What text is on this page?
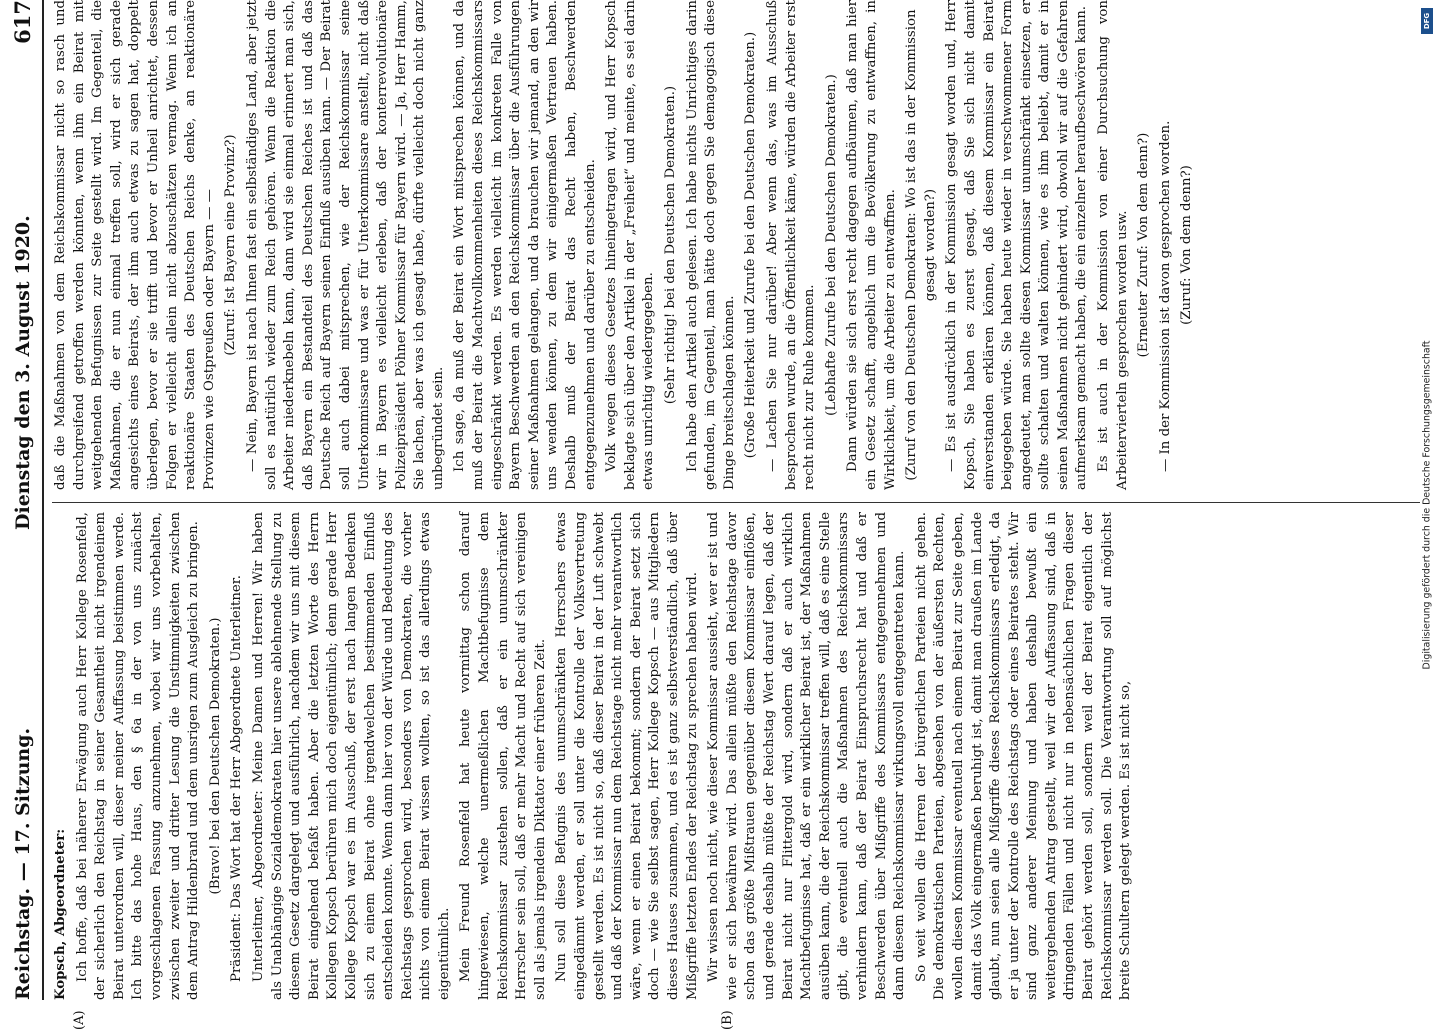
Reichstag. — 17. Sitzung.
Dienstag den 3. August 1920.
617
(A)	(B)

Kopsch, Abgeordneter: Ich hoffe, daß bei näherer Erwägung auch Herr Kollege Rosenfeld, der sicherlich den Reichstag in seiner Gesamtheit nicht irgendeinem Beirat unterordnen will, dieser meiner Auffassung beistimmen werde. Ich bitte das hohe Haus, den § 6a in der von uns zunächst vorgeschlagenen Fassung anzunehmen, wobei wir uns vorbehalten, zwischen zweiter und dritter Lesung die Unstimmigkeiten zwischen dem Antrag Hildenbrand und dem unsrigen zum Ausgleich zu bringen. (Bravo! bei den Deutschen Demokraten.) Präsident: Das Wort hat der Herr Abgeordnete Unterleitner. Unterleitner, Abgeordneter: Meine Damen und Herren! Wir haben als Unabhängige Sozialdemokraten hier unsere ablehnende Stellung zu diesem Gesetz dargelegt und ausführlich, nachdem wir uns mit diesem Beirat eingehend befaßt haben. Aber die letzten Worte des Herrn Kollegen Kopsch berühren mich doch eigentümlich; denn gerade Herr Kollege Kopsch war es im Ausschuß, der erst nach langen Bedenken sich zu einem Beirat ohne irgendwelchen bestimmenden Einfluß entscheiden konnte. Wenn dann hier von der Würde und Bedeutung des Reichstags gesprochen wird, besonders von Demokraten, die vorher nichts von einem Beirat wissen wollten, so ist das allerdings etwas eigentümlich. Mein Freund Rosenfeld hat heute vormittag schon darauf hingewiesen, welche unermeßlichen Machtbefugnisse dem Reichskommissar zustehen sollen, daß er ein unumschränkter Herrscher sein soll, daß er mehr Macht und Recht auf sich vereinigen soll als jemals irgendein Diktator einer früheren Zeit. Nun soll diese Befugnis des unumschränkten Herrschers etwas eingedämmt werden, er soll unter die Kontrolle der Volksvertretung gestellt werden. Es ist nicht so, daß dieser Beirat in der Luft schwebt und daß der Kommissar nun dem Reichstage nicht mehr verantwortlich wäre, wenn er einen Beirat bekommt; sondern der Beirat setzt sich doch — wie Sie selbst sagen, Herr Kollege Kopsch — aus Mitgliedern dieses Hauses zusammen, und es ist ganz selbstverständlich, daß über Mißgriffe letzten Endes der Reichstag zu sprechen haben wird. Wir wissen noch nicht, wie dieser Kommissar aussieht, wer er ist und wie er sich bewähren wird. Das allein müßte den Reichstage davor schon das größte Mißtrauen gegenüber diesem Kommissar einflößen, und gerade deshalb müßte der Reichstag Wert darauf legen, daß der Beirat nicht nur Flittergold wird, sondern daß er auch wirklich Machtbefugnisse hat, daß er ein wirklicher Beirat ist, der Maßnahmen ausüben kann, die der Reichskommissar treffen will, daß es eine Stelle gibt, die eventuell auch die Maßnahmen des Reichskommissars verhindern kann, daß der Beirat Einspruchsrecht hat und daß er Beschwerden über Mißgriffe des Kommissars entgegennehmen und dann diesem Reichskommissar wirkungsvoll entgegentreten kann. So weit wollen die Herren der bürgerlichen Parteien nicht gehen. Die demokratischen Parteien, abgesehen von der äußersten Rechten, wollen diesen Kommissar eventuell nach einem Beirat zur Seite geben, damit das Volk eingermaßen beruhigt ist, damit man draußen im Lande glaubt, nun seien alle Mißgriffe dieses Reichskommissars erledigt, da er ja unter der Kontrolle des Reichstags oder eines Beirates steht. Wir sind ganz anderer Meinung und haben deshalb bewußt ein weitergehenden Antrag gestellt, weil wir der Auffassung sind, daß in dringenden Fällen und nicht nur in nebensächlichen Fragen dieser Beirat gehört werden soll, sondern weil der Beirat eigentlich der Reichskommissar werden soll. Die Verantwortung soll auf möglichst breite Schultern gelegt werden. Es ist nicht so,

daß die Maßnahmen von dem Reichskommissar nicht so rasch und durchgreifend getroffen werden könnten, wenn ihm ein Beirat mit weitgehenden Befugnissen zur Seite gestellt wird. Im Gegenteil, die Maßnahmen, die er nun einmal treffen soll, wird er sich gerade angesichts eines Beirats, der ihm auch etwas zu sagen hat, doppelt überlegen, bevor er sie trifft und bevor er Unheil anrichtet, dessen Folgen er vielleicht allein nicht abzuschätzen vermag. Wenn ich an reaktionäre Staaten des Deutschen Reichs denke, an reaktionäre Provinzen wie Ostpreußen oder Bayern — — (Zuruf: Ist Bayern eine Provinz?) — Nein, Bayern ist nach Ihnen fast ein selbständiges Land, aber jetzt soll es natürlich wieder zum Reich gehören. Wenn die Reaktion die Arbeiter niederknebeln kann, dann wird sie einmal erinnert man sich, daß Bayern ein Bestandteil des Deutschen Reiches ist und daß das Deutsche Reich auf Bayern seinen Einfluß ausüben kann. — Der Beirat soll auch dabei mitsprechen, wie der Reichskommissar seine Unterkommissare und was er für Unterkommissare anstellt, nicht daß wir in Bayern es vielleicht erleben, daß der konterrevolutionäre Polizeipräsident Pöhner Kommissar für Bayern wird. — Ja, Herr Hamm, Sie lachen, aber was ich gesagt habe, dürfte vielleicht doch nicht ganz unbegründet sein. Ich sage, da muß der Beirat ein Wort mitsprechen können, und da muß der Beirat die Machtvollkommenheiten dieses Reichskommissars eingeschränkt werden. Es werden vielleicht im konkreten Falle von Bayern Beschwerden an den Reichskommissar über die Ausführungen seiner Maßnahmen gelangen, und da brauchen wir jemand, an den wir uns wenden können, zu dem wir einigermaßen Vertrauen haben. Deshalb muß der Beirat das Recht haben, Beschwerden entgegenzunehmen und darüber zu entscheiden. Volk wegen dieses Gesetzes hineingetragen wird, und Herr Kopsch beklagte sich über den Artikel in der „Freiheit“ und meinte, es sei darin etwas unrichtig wiedergegeben. (Sehr richtig! bei den Deutschen Demokraten.) Ich habe den Artikel auch gelesen. Ich habe nichts Unrichtiges darin gefunden, im Gegenteil, man hätte doch gegen Sie demagogisch diese Dinge breitschlagen können. (Große Heiterkeit und Zurufe bei den Deutschen Demokraten.) — Lachen Sie nur darüber! Aber wenn das, was im Ausschuß besprochen wurde, an die Öffentlichkeit käme, würden die Arbeiter erst recht nicht zur Ruhe kommen. (Lebhafte Zurufe bei den Deutschen Demokraten.) Dann würden sie sich erst recht dagegen aufbäumen, daß man hier ein Gesetz schafft, angeblich um die Bevölkerung zu entwaffnen, in Wirklichkeit, um die Arbeiter zu entwaffnen. (Zuruf von den Deutschen Demokraten: Wo ist das in der Kommission gesagt worden?) — Es ist ausdrücklich in der Kommission gesagt worden und, Herr Kopsch, Sie haben es zuerst gesagt, daß Sie sich nicht damit einverstanden erklären können, daß diesem Kommissar ein Beirat beigegeben würde. Sie haben heute wieder in verschwommener Form angedeutet, man sollte diesen Kommissar unumschränkt einsetzen, er sollte schalten und walten können, wie es ihm beliebt, damit er in seinen Maßnahmen nicht gehindert wird, obwohl wir auf die Gefahren aufmerksam gemacht haben, die ein einzelner heraufbeschwören kann. Es ist auch in der Kommission von einer Durchsuchung von Arbeitervierteln gesprochen worden usw. (Erneuter Zuruf: Von dem denn?) — In der Kommission ist davon gesprochen worden. (Zuruf: Von dem denn?)

DFG
Digitalisierung gefördert durch die Deutsche Forschungsgemeinschaft
